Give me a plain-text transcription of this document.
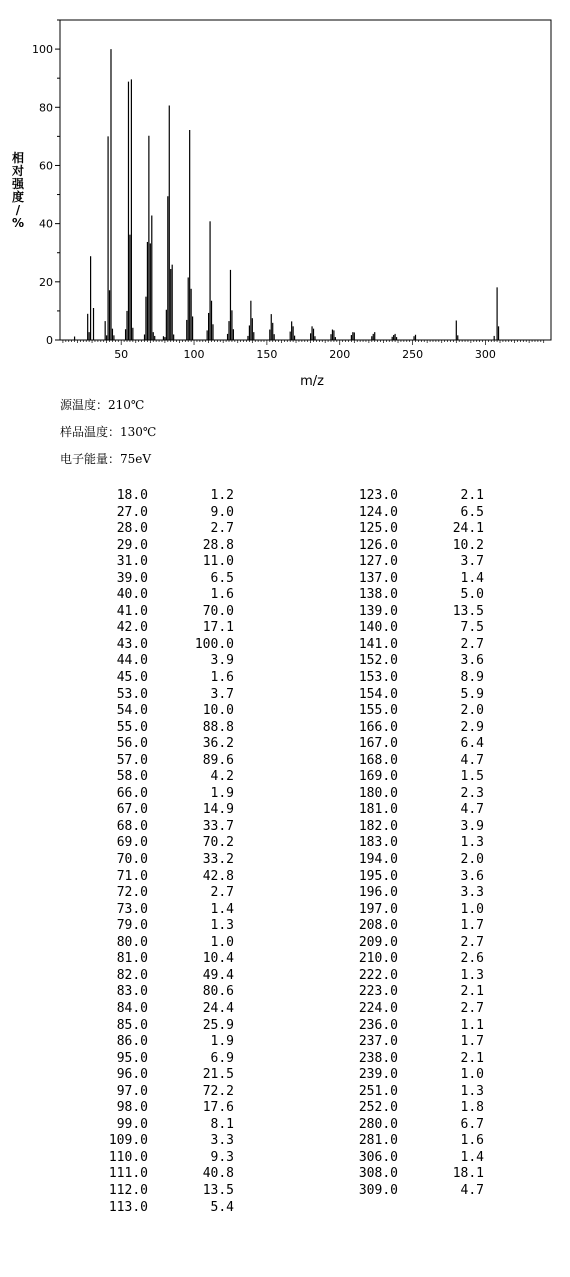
0
20
40
60
80
100
50	100	150	200	250	300
相
对
强
度
/
%
m/z
源温度：210℃
样品温度：130℃
电子能量：75eV
18.0	1.2
27.0	9.0
28.0	2.7
29.0	28.8
31.0	11.0
39.0	6.5
40.0	1.6
41.0	70.0
42.0	17.1
43.0	100.0
44.0	3.9
45.0	1.6
53.0	3.7
54.0	10.0
55.0	88.8
56.0	36.2
57.0	89.6
58.0	4.2
66.0	1.9
67.0	14.9
68.0	33.7
69.0	70.2
70.0	33.2
71.0	42.8
72.0	2.7
73.0	1.4
79.0	1.3
80.0	1.0
81.0	10.4
82.0	49.4
83.0	80.6
84.0	24.4
85.0	25.9
86.0	1.9
95.0	6.9
96.0	21.5
97.0	72.2
98.0	17.6
99.0	8.1
109.0	3.3
110.0	9.3
111.0	40.8
112.0	13.5
113.0	5.4
123.0	2.1
124.0	6.5
125.0	24.1
126.0	10.2
127.0	3.7
137.0	1.4
138.0	5.0
139.0	13.5
140.0	7.5
141.0	2.7
152.0	3.6
153.0	8.9
154.0	5.9
155.0	2.0
166.0	2.9
167.0	6.4
168.0	4.7
169.0	1.5
180.0	2.3
181.0	4.7
182.0	3.9
183.0	1.3
194.0	2.0
195.0	3.6
196.0	3.3
197.0	1.0
208.0	1.7
209.0	2.7
210.0	2.6
222.0	1.3
223.0	2.1
224.0	2.7
236.0	1.1
237.0	1.7
238.0	2.1
239.0	1.0
251.0	1.3
252.0	1.8
280.0	6.7
281.0	1.6
306.0	1.4
308.0	18.1
309.0	4.7
